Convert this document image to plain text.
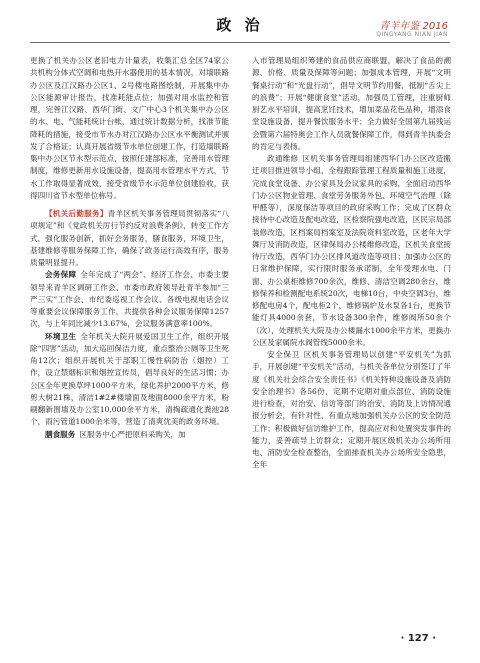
政 治	青羊年鉴 2016
QINGYANG NIAN JIAN

更换了机关办公区老旧电力计量表，收集汇总全区74家公共机构分体式空调和电热开水器使用的基本情况，对墙联路办公区及江汉路办公区1、2号楼电路图绘制，开展集中办公区能源审计报告，找准耗能点位；加强对用水监控和管理，完善江汉路、西华门街、文广中心3个机关集中办公区的水、电、气能耗统计台帐，通过统计数据分析，找准节能降耗的措施，接受市节水办对江汉路办公区水平衡测试并颁发了合格证；认真开展省级节水单位创建工作，打造墙联路集中办公区节水型示范点，按照任建部标准，完善用水管理制度，维修更新用水设施设备，提高用水管理水平方式，节水工作取得显著成效，接受省级节水示范单位创建验收，获得四川省节水型单位称号。

【机关后勤服务】青羊区机关事务管理局贯彻落实“八项规定”和《党政机关厉行节约反对浪费条例》，转变工作方式，强化服务创新，抓好会务服务，膳食服务，环境卫生，基建维修等服务保障工作，确保了政务运行高效有序，服务质量明显提升。

会务保障 全年完成了“两会”、经济工作会、市委主要领导来青羊区调研工作会、市委市政府领导赴青羊参加“三严三实”工作会、市纪委巡视工作会议、各级电视电话会议等重要会议保障服务工作，共提供各种会议服务保障1257次，与上年同比减少13.67%，会议服务满意率100%。

环境卫生 全年机关大院开展爱国卫生工作，组织开展除“四害”活动，加大巡回保洁力度，重点整治公厕等卫生死角12次；组织开展机关干部职工慢性病防治（烟控）工作，设立禁烟标识和烟控宣传员，倡导良好的生活习惯；办公区全年更换草坪1000平方米，绿化养护2000平方米，修剪大树21株，清洁1#2#楼墙面及地面8000余平方米，粉刷翻新围墙及办公室10,000余平方米，清掏疏通化粪池28个，雨污管道1000余米等，营造了清爽优美的政务环境。

膳食服务 区服务中心严把原料采购关，加

入市管理局组织筹建的食品供应商联盟，解决了食品的溯源、价格、质量及保障等问题；加强成本管理，开展“文明餐桌行动”和“光盘行动”，倡导文明节约用餐，抵制“舌尖上的浪费”；开展“健康食堂”活动，加强员工管理，注重厨师厨艺水平培训，提高烹饪技术，增加菜品花色品种，增添食堂设施设备，提升餐饮服务水平；全力做好全国第九届残运会暨第六届特奥会工作人员就餐保障工作，得到青羊执委会的肯定与表扬。

政通维修 区机关事务管理局组建西华门办公区改造搬迁项目推进领导小组，全程跟踪管理工程质量和施工进度，完成食堂设备、办公家具及会议家具的采购，全面启动西华门办公区物业管理、食堂劳务服务外包、环境空气治理（除甲醛等），深度保洁等项目的政府采购工作；完成了区群众接待中心改造及配电改造，区检察院强电改造，区民宗局部装修改造，区档案局档案室及法院资料室改造，区老年大学舞厅及消防改造，区律保局办公楼维修改造，区机关食堂接待厅改造，西华门办公区排风道改造等项目；加强办公区的日常维护保障，实行限时服务承诺制，全年受理水电、门窗、办公桌柜维修700余次，维修、清洁空调280余台，维修保养和检测配电系统20次，电梯10台，中央空调3台，维修配电房4个，配电柜2个，维修锅炉及水泵各1台，更换节能灯具4000余套，节水设备300余件，维修阀所50余个（次），处理机关大院及办公楼漏水1000余平方米，更换办公区及家属院水阀管线5000余米。

安全保卫 区机关事务管理局以创建“平安机关”为抓手，开展创建“平安机关”活动，与机关各单位分别签订了年度《机关社会综合安全责任书》《机关特种设施设备及消防安全治理书》各56份，定期不定期对重点部位、消防设施进行检查，对治安、信访等部门的治安、消防及上访情况通报分析会，有针对性、有重点地加强机关办公区的安全防范工作；积极做好信访维护工作，提高应对和处置突发事件的能力，妥善疏导上访群众；定期开展区级机关办公场所用电、消防安全检查整治，全面排查机关办公场所安全隐患，全年

· 127 ·
